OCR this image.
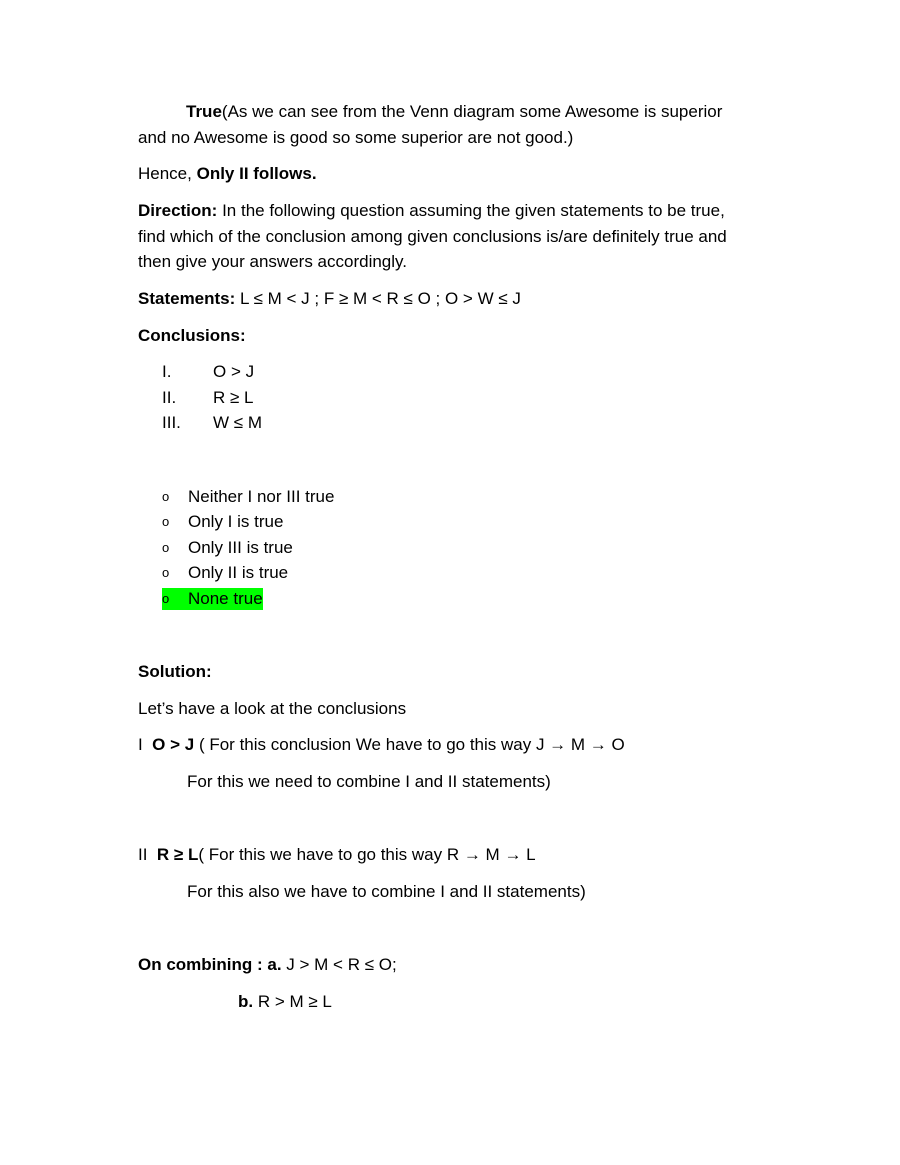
True(As we can see from the Venn diagram some Awesome is superior
and no Awesome is good so some superior are not good.)
Hence, Only II follows.
Direction: In the following question assuming the given statements to be true,
find which of the conclusion among given conclusions is/are definitely true and
then give your answers accordingly.
Statements: L ≤ M < J ; F ≥ M < R ≤ O ; O > W ≤ J
Conclusions:
I. O > J
II. R ≥ L
III. W ≤ M
o	Neither I nor III true
o	Only I is true
o	Only III is true
o	Only II is true
o	None true
Solution:
Let’s have a look at the conclusions
I  O > J ( For this conclusion We have to go this way J → M → O
For this we need to combine I and II statements)
II  R ≥ L( For this we have to go this way R → M → L
For this also we have to combine I and II statements)
On combining : a. J > M < R ≤ O;
b. R > M ≥ L
